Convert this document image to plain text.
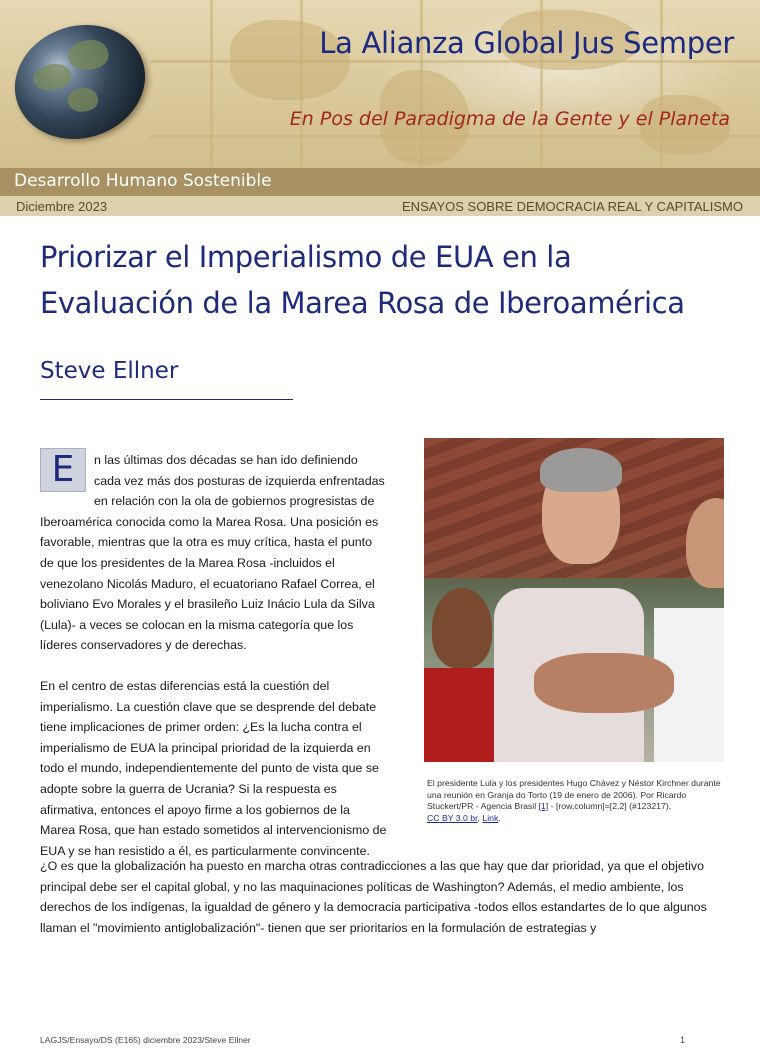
La Alianza Global Jus Semper

En Pos del Paradigma de la Gente y el Planeta

Desarrollo Humano Sostenible
Diciembre 2023	ENSAYOS SOBRE DEMOCRACIA REAL Y CAPITALISMO
Priorizar el Imperialismo de EUA en la
Evaluación de la Marea Rosa de Iberoamérica
Steve Ellner

E	n las últimas dos décadas se han ido definiendo cada vez más dos posturas de izquierda enfrentadas en relación con la ola de gobiernos progresistas de Iberoamérica conocida como la Marea Rosa. Una posición es favorable, mientras que la otra es muy crítica, hasta el punto de que los presidentes de la Marea Rosa -incluidos el venezolano Nicolás Maduro, el ecuatoriano Rafael Correa, el boliviano Evo Morales y el brasileño Luiz Inácio Lula da Silva (Lula)- a veces se colocan en la misma categoría que los líderes conservadores y de derechas.

En el centro de estas diferencias está la cuestión del imperialismo. La cuestión clave que se desprende del debate tiene implicaciones de primer orden: ¿Es la lucha contra el imperialismo de EUA la principal prioridad de la izquierda en todo el mundo, independientemente del punto de vista que se adopte sobre la guerra de Ucrania? Si la respuesta es afirmativa, entonces el apoyo firme a los gobiernos de la Marea Rosa, que han estado sometidos al intervencionismo de EUA y se han resistido a él, es particularmente convincente.

El presidente Lula y los presidentes Hugo Chávez y Néstor Kirchner durante una reunión en Granja do Torto (19 de enero de 2006). Por Ricardo Stuckert/PR - Agencia Brasil [1] - [row,column]=[2,2] (#123217),
CC BY 3.0 br, Link.

¿O es que la globalización ha puesto en marcha otras contradicciones a las que hay que dar prioridad, ya que el objetivo principal debe ser el capital global, y no las maquinaciones políticas de Washington? Además, el medio ambiente, los derechos de los indígenas, la igualdad de género y la democracia participativa -todos ellos estandartes de lo que algunos llaman el "movimiento antiglobalización"- tienen que ser prioritarios en la formulación de estrategias y

LAGJS/Ensayo/DS (E165) diciembre 2023/Steve Ellner	1
